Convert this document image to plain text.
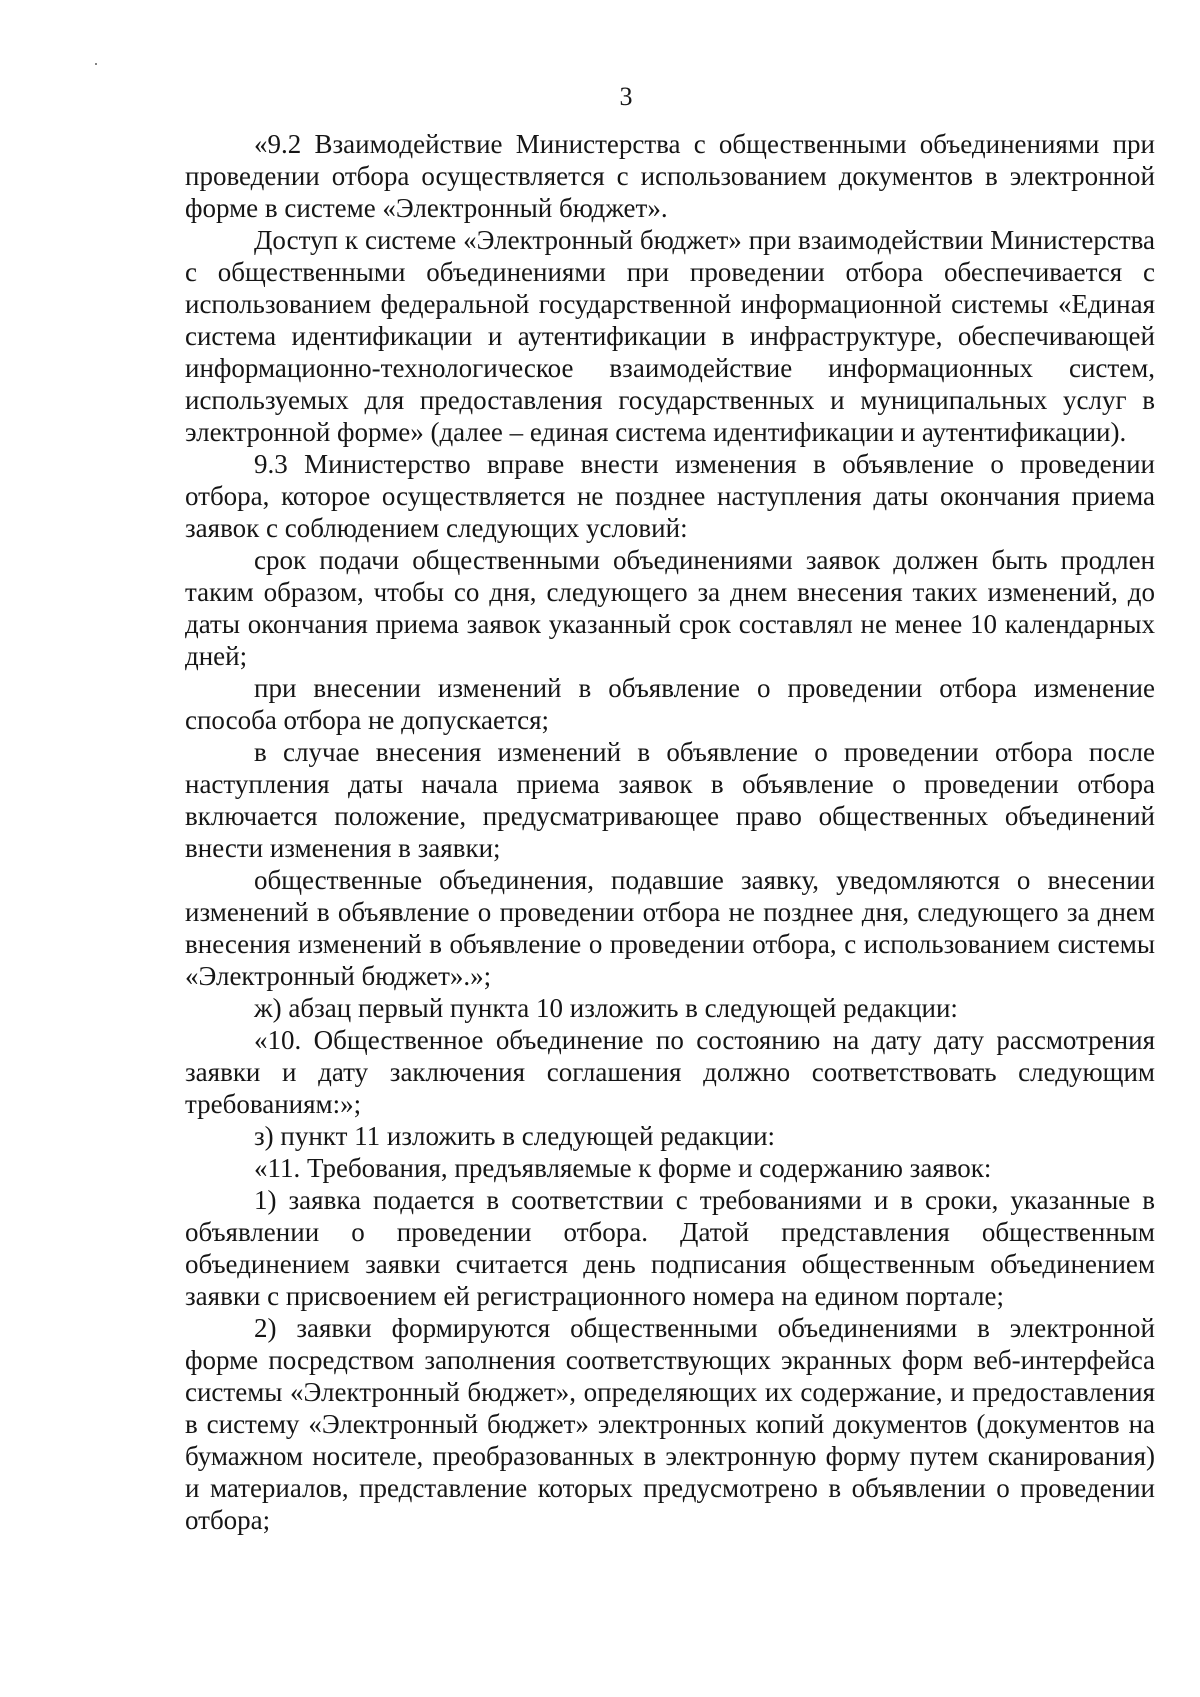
3

«9.2 Взаимодействие Министерства с общественными объединениями при проведении отбора осуществляется с использованием документов в электронной форме в системе «Электронный бюджет».

Доступ к системе «Электронный бюджет» при взаимодействии Министерства с общественными объединениями при проведении отбора обеспечивается с использованием федеральной государственной информационной системы «Единая система идентификации и аутентификации в инфраструктуре, обеспечивающей информационно-технологическое взаимодействие информационных систем, используемых для предоставления государственных и муниципальных услуг в электронной форме» (далее – единая система идентификации и аутентификации).

9.3 Министерство вправе внести изменения в объявление о проведении отбора, которое осуществляется не позднее наступления даты окончания приема заявок с соблюдением следующих условий:

срок подачи общественными объединениями заявок должен быть продлен таким образом, чтобы со дня, следующего за днем внесения таких изменений, до даты окончания приема заявок указанный срок составлял не менее 10 календарных дней;

при внесении изменений в объявление о проведении отбора изменение способа отбора не допускается;

в случае внесения изменений в объявление о проведении отбора после наступления даты начала приема заявок в объявление о проведении отбора включается положение, предусматривающее право общественных объединений внести изменения в заявки;

общественные объединения, подавшие заявку, уведомляются о внесении изменений в объявление о проведении отбора не позднее дня, следующего за днем внесения изменений в объявление о проведении отбора, с использованием системы «Электронный бюджет».»;

ж) абзац первый пункта 10 изложить в следующей редакции:

«10. Общественное объединение по состоянию на дату дату рассмотрения заявки и дату заключения соглашения должно соответствовать следующим требованиям:»;

з) пункт 11 изложить в следующей редакции:

«11. Требования, предъявляемые к форме и содержанию заявок:

1) заявка подается в соответствии с требованиями и в сроки, указанные в объявлении о проведении отбора. Датой представления общественным объединением заявки считается день подписания общественным объединением заявки с присвоением ей регистрационного номера на едином портале;

2) заявки формируются общественными объединениями в электронной форме посредством заполнения соответствующих экранных форм веб-интерфейса системы «Электронный бюджет», определяющих их содержание, и предоставления в систему «Электронный бюджет» электронных копий документов (документов на бумажном носителе, преобразованных в электронную форму путем сканирования) и материалов, представление которых предусмотрено в объявлении о проведении отбора;
